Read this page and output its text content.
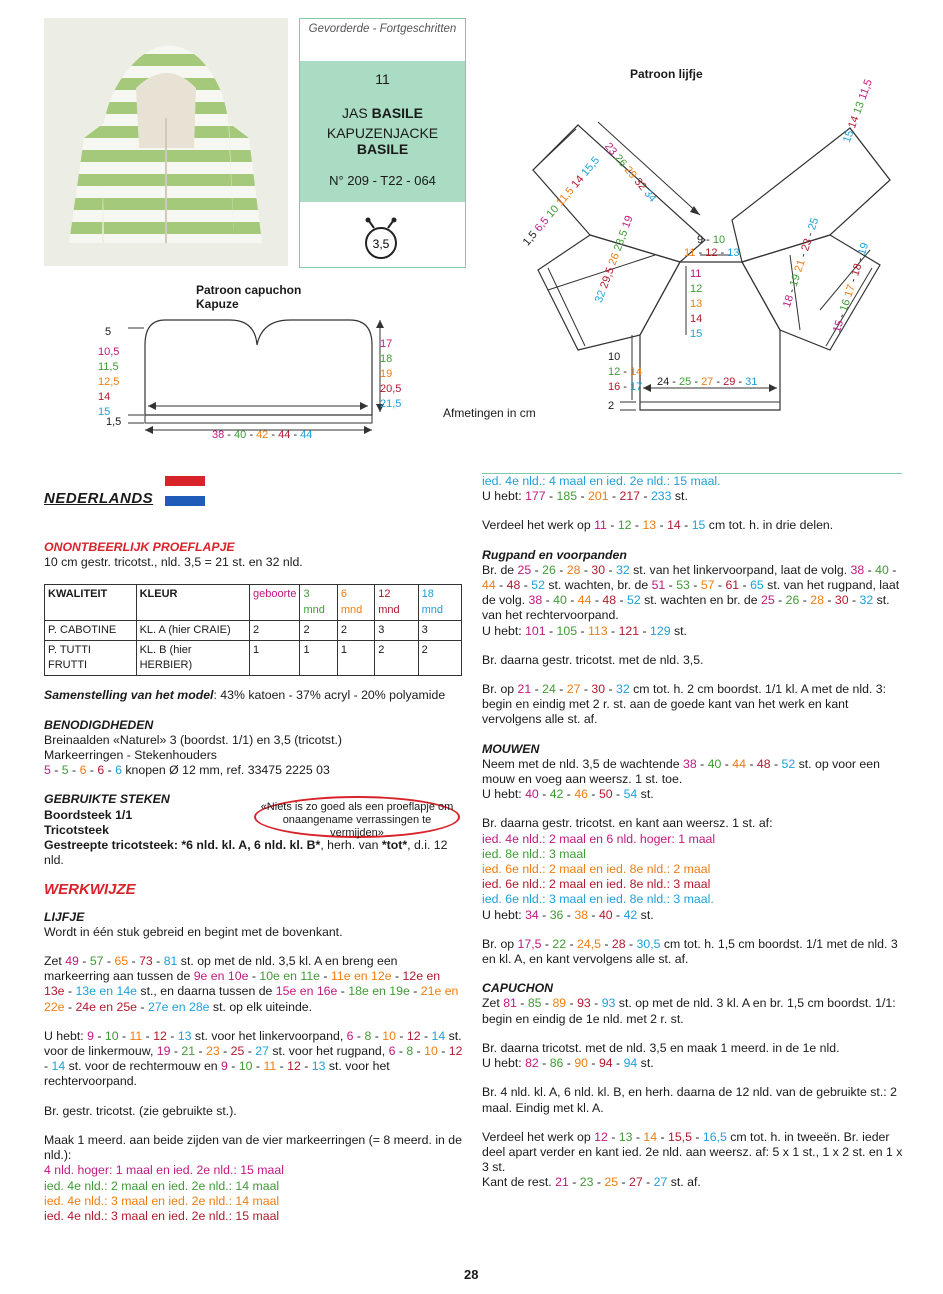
Gevorderde - Fortgeschritten
11
JAS BASILE
KAPUZENJACKE BASILE
N° 209 - T22 - 064
3,5
Patroon capuchon
Kapuze
5
10,5
11,5
12,5
14
15
1,5
17
18
19
20,5
21,5
38 - 40 - 42 - 44 - 44
Patroon lijfje
Afmetingen in cm
23 26 29 32 34
1,5 6,5 10 11,5 14 15,5
32 29,5 26 23,5 19
9 - 10
11 - 12 - 13
11
12
13
14
15
15 14 13 11,5
18 - 19 21 - 23 - 25
15 - 16 17 - 18 - 19
10
12 - 14
16 - 17 24 - 25 - 27 - 29 - 31
2
NEDERLANDS
ONONTBEERLIJK PROEFLAPJE

10 cm gestr. tricotst., nld. 3,5 = 21 st. en 32 nld.

KWALITEIT	KLEUR	geboorte	3 mnd	6 mnd	12 mnd	18 mnd
P. CABOTINE	KL. A (hier CRAIE)	2	2	2	3	3
P. TUTTI FRUTTI	KL. B (hier HERBIER)	1	1	1	2	2

Samenstelling van het model: 43% katoen - 37% acryl - 20% polyamide

BENODIGDHEDEN
Breinaalden «Naturel» 3 (boordst. 1/1) en 3,5 (tricotst.)
Markeerringen - Stekenhouders

5 - 5 - 6 - 6 - 6 knopen Ø 12 mm, ref. 33475 2225 03

GEBRUIKTE STEKEN
Boordsteek 1/1
Tricotsteek

Gestreepte tricotsteek: *6 nld. kl. A, 6 nld. kl. B*, herh. van *tot*, d.i. 12 nld.

WERKWIJZE
LIJFJE

Wordt in één stuk gebreid en begint met de bovenkant.

Zet 49 - 57 - 65 - 73 - 81 st. op met de nld. 3,5 kl. A en breng een markeerring aan tussen de 9e en 10e - 10e en 11e - 11e en 12e - 12e en 13e - 13e en 14e st., en daarna tussen de 15e en 16e - 18e en 19e - 21e en 22e - 24e en 25e - 27e en 28e st. op elk uiteinde.

U hebt: 9 - 10 - 11 - 12 - 13 st. voor het linkervoorpand, 6 - 8 - 10 - 12 - 14 st. voor de linkermouw, 19 - 21 - 23 - 25 - 27 st. voor het rugpand, 6 - 8 - 10 - 12 - 14 st. voor de rechtermouw en 9 - 10 - 11 - 12 - 13 st. voor het rechtervoorpand.

Br. gestr. tricotst. (zie gebruikte st.).

Maak 1 meerd. aan beide zijden van de vier markeerringen (= 8 meerd. in de nld.):
4 nld. hoger: 1 maal en ied. 2e nld.: 15 maal
ied. 4e nld.: 2 maal en ied. 2e nld.: 14 maal
ied. 4e nld.: 3 maal en ied. 2e nld.: 14 maal
ied. 4e nld.: 3 maal en ied. 2e nld.: 15 maal
«Niets is zo goed als een proeflapje om onaangename verrassingen te vermijden»
ied. 4e nld.: 4 maal en ied. 2e nld.: 15 maal.

U hebt: 177 - 185 - 201 - 217 - 233 st.

Verdeel het werk op 11 - 12 - 13 - 14 - 15 cm tot. h. in drie delen.

Rugpand en voorpanden
Br. de 25 - 26 - 28 - 30 - 32 st. van het linkervoorpand, laat de volg. 38 - 40 - 44 - 48 - 52 st. wachten, br. de 51 - 53 - 57 - 61 - 65 st. van het rugpand, laat de volg. 38 - 40 - 44 - 48 - 52 st. wachten en br. de 25 - 26 - 28 - 30 - 32 st. van het rechtervoorpand.

U hebt: 101 - 105 - 113 - 121 - 129 st.

Br. daarna gestr. tricotst. met de nld. 3,5.

Br. op 21 - 24 - 27 - 30 - 32 cm tot. h. 2 cm boordst. 1/1 kl. A met de nld. 3: begin en eindig met 2 r. st. aan de goede kant van het werk en kant vervolgens alle st. af.

MOUWEN
Neem met de nld. 3,5 de wachtende 38 - 40 - 44 - 48 - 52 st. op voor een mouw en voeg aan weersz. 1 st. toe.

U hebt: 40 - 42 - 46 - 50 - 54 st.

Br. daarna gestr. tricotst. en kant aan weersz. 1 st. af:
ied. 4e nld.: 2 maal en 6 nld. hoger: 1 maal
ied. 8e nld.: 3 maal
ied. 6e nld.: 2 maal en ied. 8e nld.: 2 maal
ied. 6e nld.: 2 maal en ied. 8e nld.: 3 maal
ied. 6e nld.: 3 maal en ied. 8e nld.: 3 maal.

U hebt: 34 - 36 - 38 - 40 - 42 st.

Br. op 17,5 - 22 - 24,5 - 28 - 30,5 cm tot. h. 1,5 cm boordst. 1/1 met de nld. 3 en kl. A, en kant vervolgens alle st. af.

CAPUCHON

Zet 81 - 85 - 89 - 93 - 93 st. op met de nld. 3 kl. A en br. 1,5 cm boordst. 1/1: begin en eindig de 1e nld. met 2 r. st.

Br. daarna tricotst. met de nld. 3,5 en maak 1 meerd. in de 1e nld.

U hebt: 82 - 86 - 90 - 94 - 94 st.

Br. 4 nld. kl. A, 6 nld. kl. B, en herh. daarna de 12 nld. van de gebruikte st.: 2 maal. Eindig met kl. A.

Verdeel het werk op 12 - 13 - 14 - 15,5 - 16,5 cm tot. h. in tweeën. Br. ieder deel apart verder en kant ied. 2e nld. aan weersz. af: 5 x 1 st., 1 x 2 st. en 1 x 3 st.
Kant de rest. 21 - 23 - 25 - 27 - 27 st. af.
28
